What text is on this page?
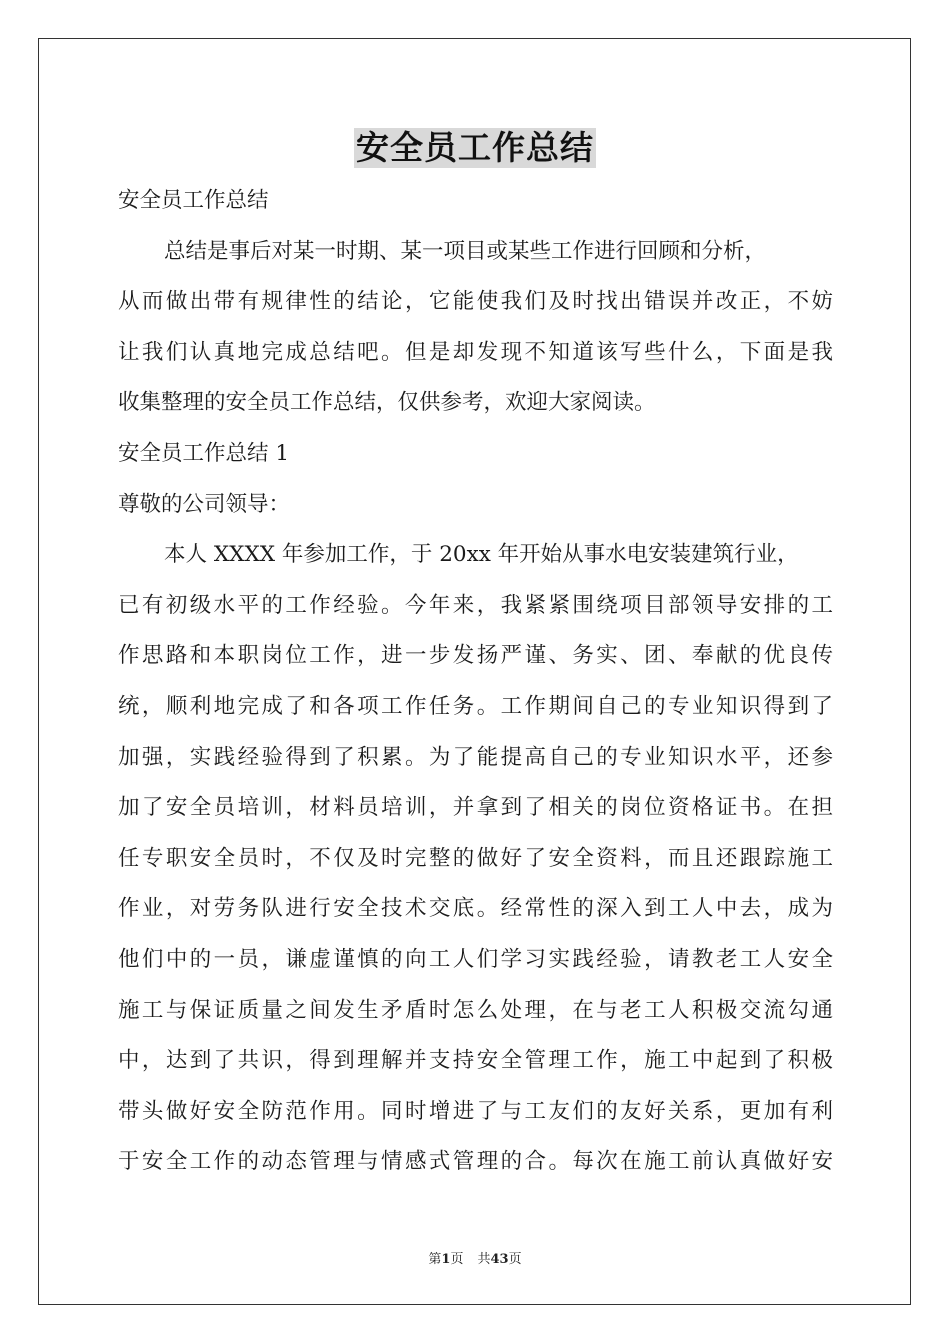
安全员工作总结
安全员工作总结
总结是事后对某一时期、某一项目或某些工作进行回顾和分析，
从而做出带有规律性的结论，它能使我们及时找出错误并改正，不妨
让我们认真地完成总结吧。但是却发现不知道该写些什么，下面是我
收集整理的安全员工作总结，仅供参考，欢迎大家阅读。
安全员工作总结 1
尊敬的公司领导：
本人 XXXX 年参加工作，于 20xx 年开始从事水电安装建筑行业，
已有初级水平的工作经验。今年来，我紧紧围绕项目部领导安排的工
作思路和本职岗位工作，进一步发扬严谨、务实、团、奉献的优良传
统，顺利地完成了和各项工作任务。工作期间自己的专业知识得到了
加强，实践经验得到了积累。为了能提高自己的专业知识水平，还参
加了安全员培训，材料员培训，并拿到了相关的岗位资格证书。在担
任专职安全员时，不仅及时完整的做好了安全资料，而且还跟踪施工
作业，对劳务队进行安全技术交底。经常性的深入到工人中去，成为
他们中的一员，谦虚谨慎的向工人们学习实践经验，请教老工人安全
施工与保证质量之间发生矛盾时怎么处理，在与老工人积极交流勾通
中，达到了共识，得到理解并支持安全管理工作，施工中起到了积极
带头做好安全防范作用。同时增进了与工友们的友好关系，更加有利
于安全工作的动态管理与情感式管理的合。每次在施工前认真做好安
第1页 共43页
